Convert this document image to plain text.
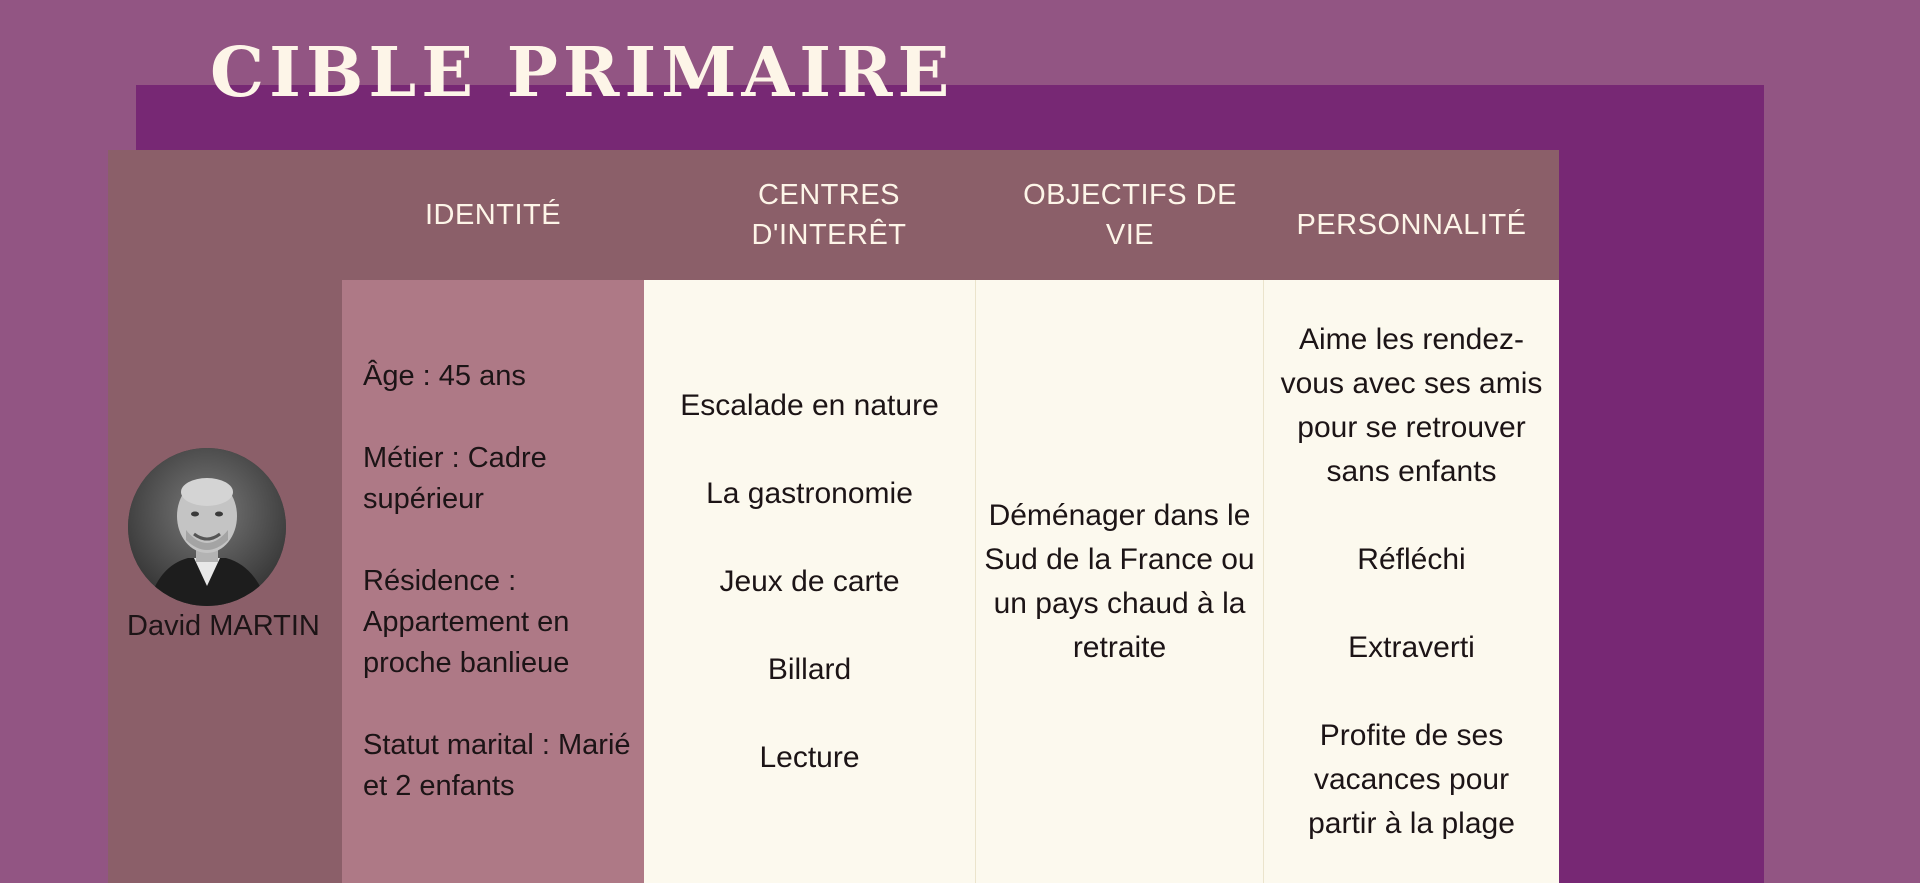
CIBLE PRIMAIRE
IDENTITÉ
CENTRES
D'INTERÊT
OBJECTIFS DE
VIE	PERSONNALITÉ
David MARTIN

Âge : 45 ans

Métier : Cadre supérieur

Résidence : Appartement en proche banlieue

Statut marital : Marié et 2 enfants

Escalade en nature

La gastronomie

Jeux de carte

Billard

Lecture

Déménager dans le Sud de la France ou un pays chaud à la retraite

Aime les rendez-vous avec ses amis pour se retrouver sans enfants

Réfléchi

Extraverti

Profite de ses vacances pour partir à la plage
